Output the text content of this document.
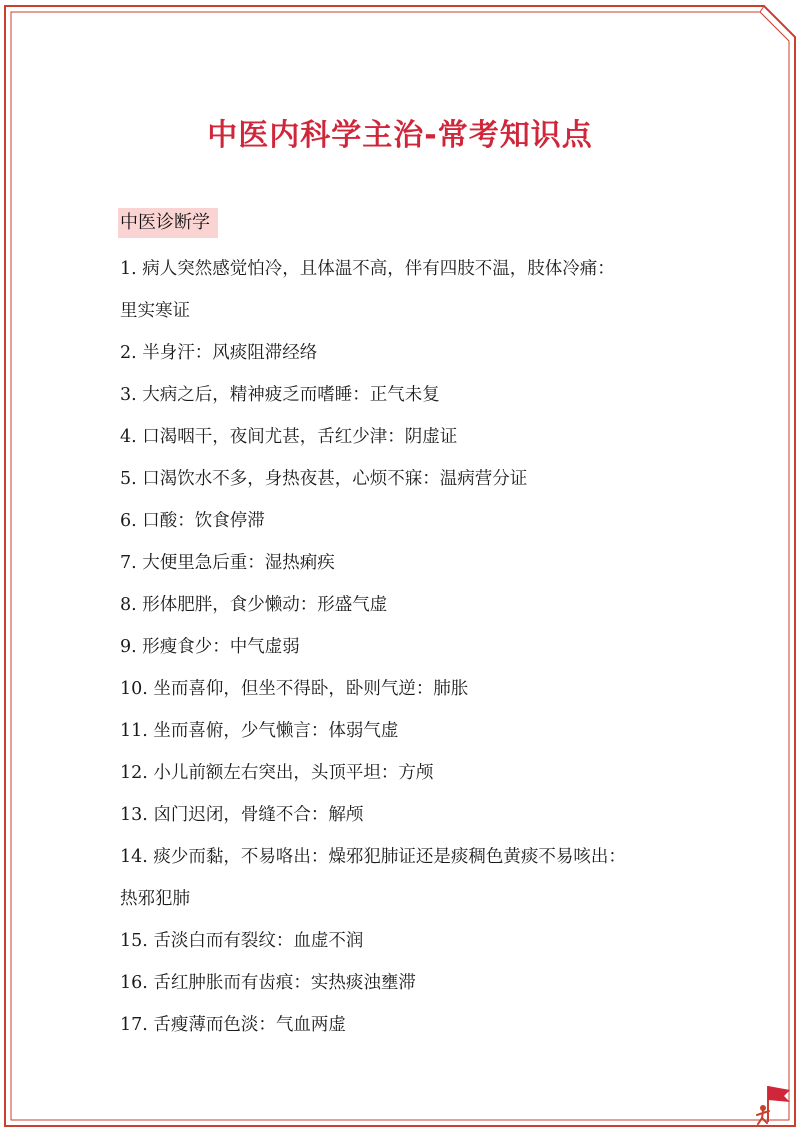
中医内科学主治-常考知识点
中医诊断学
1. 病人突然感觉怕冷，且体温不高，伴有四肢不温，肢体冷痛：
里实寒证
2. 半身汗：风痰阻滞经络
3. 大病之后，精神疲乏而嗜睡：正气未复
4. 口渴咽干，夜间尤甚，舌红少津：阴虚证
5. 口渴饮水不多，身热夜甚，心烦不寐：温病营分证
6. 口酸：饮食停滞
7. 大便里急后重：湿热痢疾
8. 形体肥胖，食少懒动：形盛气虚
9. 形瘦食少：中气虚弱
10. 坐而喜仰，但坐不得卧，卧则气逆：肺胀
11. 坐而喜俯，少气懒言：体弱气虚
12. 小儿前额左右突出，头顶平坦：方颅
13. 囟门迟闭，骨缝不合：解颅
14. 痰少而黏，不易咯出：燥邪犯肺证还是痰稠色黄痰不易咳出：
热邪犯肺
15. 舌淡白而有裂纹：血虚不润
16. 舌红肿胀而有齿痕：实热痰浊壅滞
17. 舌瘦薄而色淡：气血两虚
